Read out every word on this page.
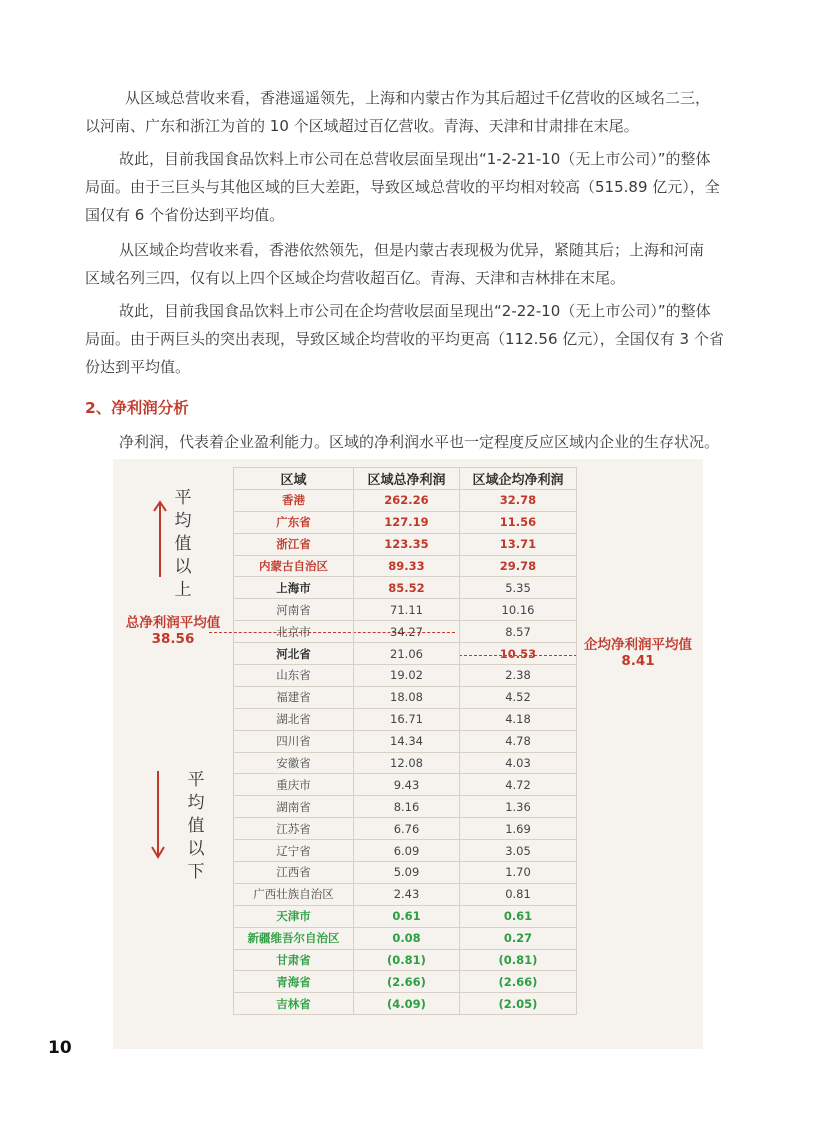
从区域总营收来看，香港遥遥领先，上海和内蒙古作为其后超过千亿营收的区域名二三，
以河南、广东和浙江为首的 10 个区域超过百亿营收。青海、天津和甘肃排在末尾。
故此，目前我国食品饮料上市公司在总营收层面呈现出“1-2-21-10（无上市公司）”的整体
局面。由于三巨头与其他区域的巨大差距，导致区域总营收的平均相对较高（515.89 亿元），全
国仅有 6 个省份达到平均值。
从区域企均营收来看，香港依然领先，但是内蒙古表现极为优异，紧随其后；上海和河南
区域名列三四，仅有以上四个区域企均营收超百亿。青海、天津和吉林排在末尾。
故此，目前我国食品饮料上市公司在企均营收层面呈现出“2-22-10（无上市公司）”的整体
局面。由于两巨头的突出表现，导致区域企均营收的平均更高（112.56 亿元），全国仅有 3 个省
份达到平均值。
2、净利润分析
净利润，代表着企业盈利能力。区域的净利润水平也一定程度反应区域内企业的生存状况。
平
均
值
以
上
平
均
值
以
下
总净利润平均值
38.56	企均净利润平均值
8.41
区域	区域总净利润	区域企均净利润
香港	262.26	32.78
广东省	127.19	11.56
浙江省	123.35	13.71
内蒙古自治区	89.33	29.78
上海市	85.52	5.35
河南省	71.11	10.16
北京市	34.27	8.57
河北省	21.06	10.53
山东省	19.02	2.38
福建省	18.08	4.52
湖北省	16.71	4.18
四川省	14.34	4.78
安徽省	12.08	4.03
重庆市	9.43	4.72
湖南省	8.16	1.36
江苏省	6.76	1.69
辽宁省	6.09	3.05
江西省	5.09	1.70
广西壮族自治区	2.43	0.81
天津市	0.61	0.61
新疆维吾尔自治区	0.08	0.27
甘肃省	(0.81)	(0.81)
青海省	(2.66)	(2.66)
吉林省	(4.09)	(2.05)
10
